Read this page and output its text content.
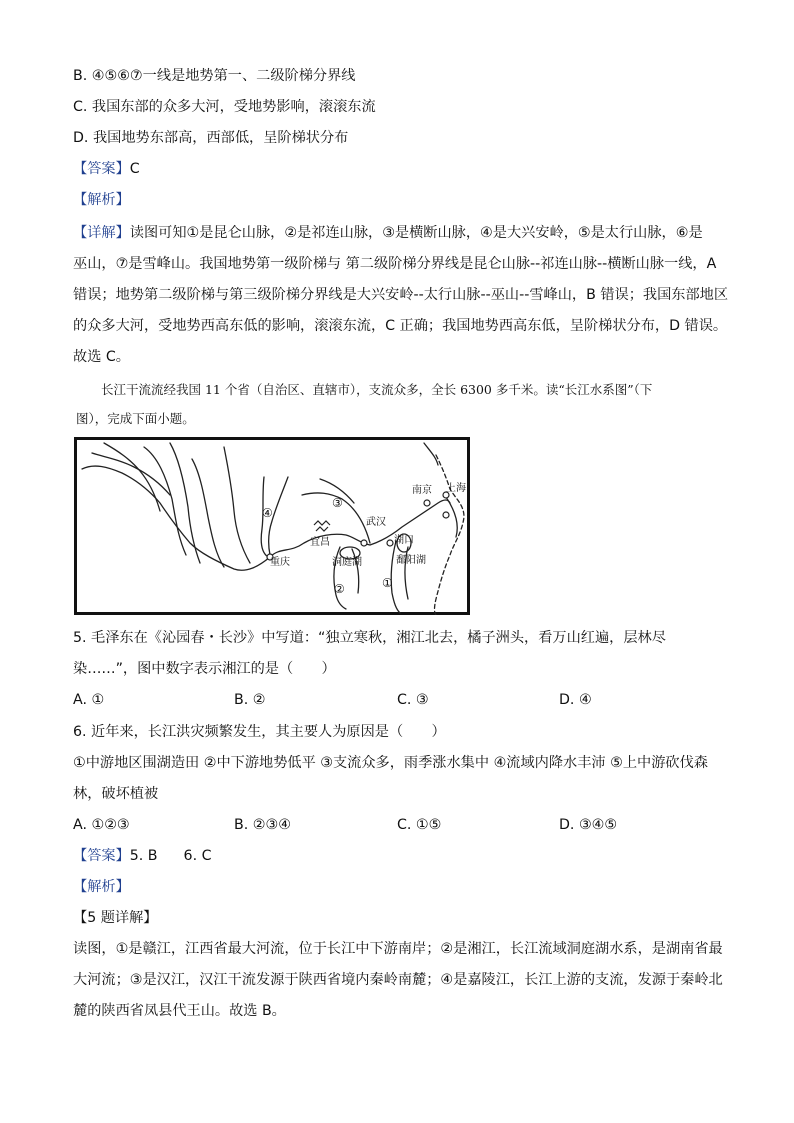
B. ④⑤⑥⑦一线是地势第一、二级阶梯分界线
C. 我国东部的众多大河，受地势影响，滚滚东流
D. 我国地势东部高，西部低，呈阶梯状分布
【答案】C
【解析】
【详解】读图可知①是昆仑山脉，②是祁连山脉，③是横断山脉，④是大兴安岭，⑤是太行山脉，⑥是
巫山，⑦是雪峰山。我国地势第一级阶梯与 第二级阶梯分界线是昆仑山脉--祁连山脉--横断山脉一线，A
错误；地势第二级阶梯与第三级阶梯分界线是大兴安岭--太行山脉--巫山--雪峰山，B 错误；我国东部地区
的众多大河，受地势西高东低的影响，滚滚东流，C 正确；我国地势西高东低，呈阶梯状分布，D 错误。
故选 C。
长江干流流经我国 11 个省（自治区、直辖市），支流众多，全长 6300 多千米。读“长江水系图”（下
图），完成下面小题。
上海
南京
武汉
宜昌
重庆	洞庭湖
湖口
鄱阳湖
①
②
③
④
5. 毛泽东在《沁园春・长沙》中写道：“独立寒秋，湘江北去，橘子洲头，看万山红遍，层林尽
染……”，图中数字表示湘江的是（　　）
A. ①	B. ②	C. ③	D. ④
6. 近年来，长江洪灾频繁发生，其主要人为原因是（　　）
①中游地区围湖造田 ②中下游地势低平 ③支流众多，雨季涨水集中 ④流域内降水丰沛 ⑤上中游砍伐森
林，破坏植被
A. ①②③	B. ②③④	C. ①⑤	D. ③④⑤
【答案】5. B 6. C
【解析】
【5 题详解】
读图，①是赣江，江西省最大河流，位于长江中下游南岸；②是湘江，长江流域洞庭湖水系，是湖南省最
大河流；③是汉江，汉江干流发源于陕西省境内秦岭南麓；④是嘉陵江，长江上游的支流，发源于秦岭北
麓的陕西省凤县代王山。故选 B。
